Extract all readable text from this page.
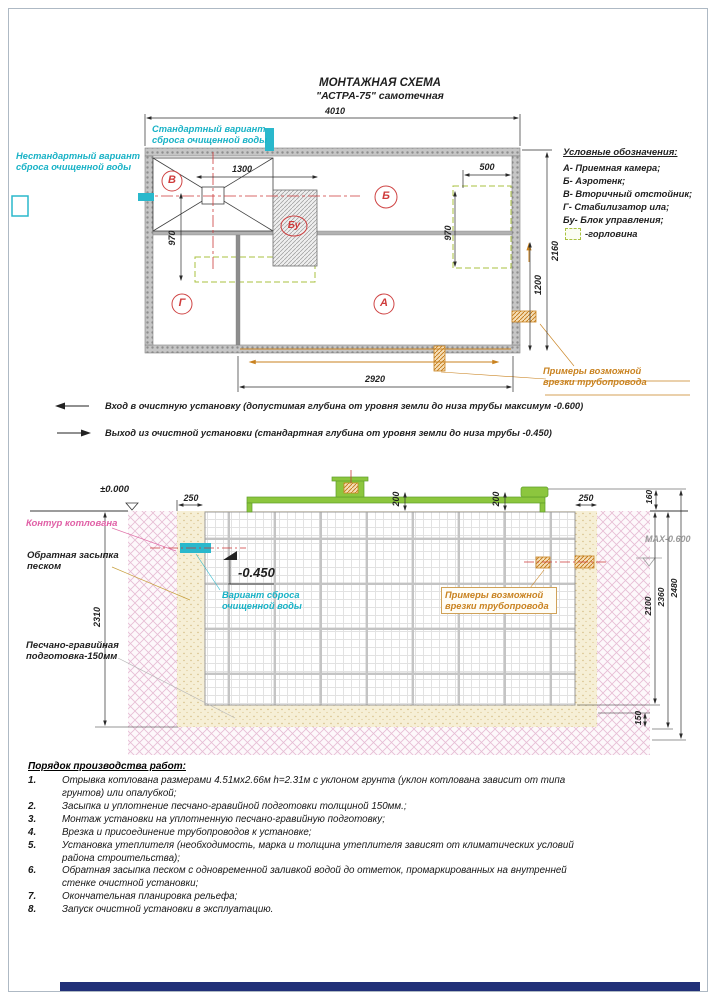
МОНТАЖНАЯ СХЕМА
"АСТРА-75" самотечная
Условные обозначения:
А- Приемная камера;
Б- Аэротенк;
В- Вторичный отстойник;
Г- Стабилизатор ила;
Бу- Блок управления;
-горловина
Стандартный вариант сброса очищенной воды
Нестандартный вариант сброса очищенной воды
Примеры возможной врезки трубопровода
В
Б
Бу
Г	А
4010
1300	500
2920
970	970
2160
1200
Вход в очистную установку (допустимая глубина от уровня земли до низа трубы максимум -0.600)
Выход из очистной установки (стандартная глубина от уровня земли до низа трубы -0.450)
±0.000
Контур котлована
Обратная засыпка песком
Песчано-гравийная подготовка-150мм
-0.450
Вариант сброса очищенной воды
Примеры возможной врезки трубопровода
МАХ-0.600
250	250
200	200	160
2310
2100 2360 2480
150
Порядок производства работ:
1.	Отрывка котлована размерами 4.51мх2.66м h=2.31м с уклоном грунта (уклон котлована зависит от типа грунтов) или опалубкой;
2.	Засыпка и уплотнение песчано-гравийной подготовки толщиной 150мм.;
3.	Монтаж установки на уплотненную песчано-гравийную подготовку;
4.	Врезка и присоединение трубопроводов к установке;
5.	Установка утеплителя (необходимость, марка и толщина утеплителя зависят от климатических условий района строительства);
6.	Обратная засыпка песком с одновременной заливкой водой до отметок, промаркированных на внутренней стенке очистной установки;
7.	Окончательная планировка рельефа;
8.	Запуск очистной установки в эксплуатацию.
